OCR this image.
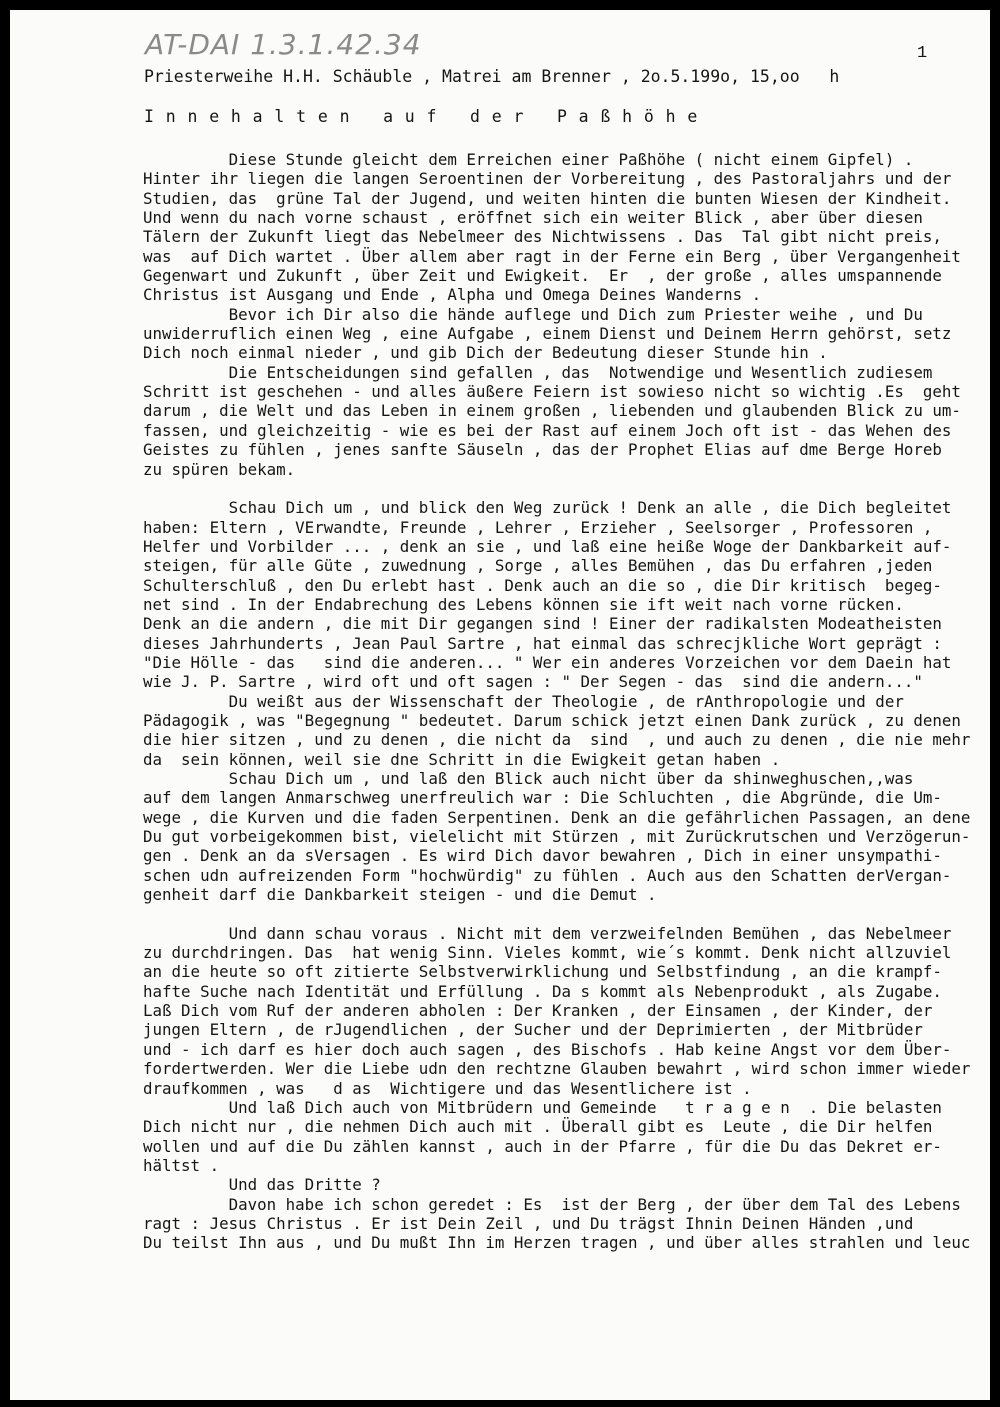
AT-DAI 1.3.1.42.34	1
Priesterweihe H.H. Schäuble , Matrei am Brenner , 2o.5.199o, 15,oo   h
Innehalten auf der Paßhöhe
Diese Stunde gleicht dem Erreichen einer Paßhöhe ( nicht einem Gipfel) .
Hinter ihr liegen die langen Seroentinen der Vorbereitung , des Pastoraljahrs und der
Studien, das  grüne Tal der Jugend, und weiten hinten die bunten Wiesen der Kindheit.
Und wenn du nach vorne schaust , eröffnet sich ein weiter Blick , aber über diesen
Tälern der Zukunft liegt das Nebelmeer des Nichtwissens . Das  Tal gibt nicht preis,
was  auf Dich wartet . Über allem aber ragt in der Ferne ein Berg , über Vergangenheit
Gegenwart und Zukunft , über Zeit und Ewigkeit.  Er  , der große , alles umspannende
Christus ist Ausgang und Ende , Alpha und Omega Deines Wanderns .
Bevor ich Dir also die hände auflege und Dich zum Priester weihe , und Du
unwiderruflich einen Weg , eine Aufgabe , einem Dienst und Deinem Herrn gehörst, setz
Dich noch einmal nieder , und gib Dich der Bedeutung dieser Stunde hin .
Die Entscheidungen sind gefallen , das  Notwendige und Wesentlich zudiesem
Schritt ist geschehen - und alles äußere Feiern ist sowieso nicht so wichtig .Es  geht
darum , die Welt und das Leben in einem großen , liebenden und glaubenden Blick zu um-
fassen, und gleichzeitig - wie es bei der Rast auf einem Joch oft ist - das Wehen des
Geistes zu fühlen , jenes sanfte Säuseln , das der Prophet Elias auf dme Berge Horeb
zu spüren bekam.
Schau Dich um , und blick den Weg zurück ! Denk an alle , die Dich begleitet
haben: Eltern , VErwandte, Freunde , Lehrer , Erzieher , Seelsorger , Professoren ,
Helfer und Vorbilder ... , denk an sie , und laß eine heiße Woge der Dankbarkeit auf-
steigen, für alle Güte , zuwednung , Sorge , alles Bemühen , das Du erfahren ,jeden
Schulterschluß , den Du erlebt hast . Denk auch an die so , die Dir kritisch  begeg-
net sind . In der Endabrechung des Lebens können sie ift weit nach vorne rücken.
Denk an die andern , die mit Dir gegangen sind ! Einer der radikalsten Modeatheisten
dieses Jahrhunderts , Jean Paul Sartre , hat einmal das schrecjkliche Wort geprägt :
"Die Hölle - das   sind die anderen... " Wer ein anderes Vorzeichen vor dem Daein hat
wie J. P. Sartre , wird oft und oft sagen : " Der Segen - das  sind die andern..."
Du weißt aus der Wissenschaft der Theologie , de rAnthropologie und der
Pädagogik , was "Begegnung " bedeutet. Darum schick jetzt einen Dank zurück , zu denen
die hier sitzen , und zu denen , die nicht da  sind  , und auch zu denen , die nie mehr
da  sein können, weil sie dne Schritt in die Ewigkeit getan haben .
Schau Dich um , und laß den Blick auch nicht über da shinweghuschen,,was
auf dem langen Anmarschweg unerfreulich war : Die Schluchten , die Abgründe, die Um-
wege , die Kurven und die faden Serpentinen. Denk an die gefährlichen Passagen, an dene
Du gut vorbeigekommen bist, vielelicht mit Stürzen , mit Zurückrutschen und Verzögerun-
gen . Denk an da sVersagen . Es wird Dich davor bewahren , Dich in einer unsympathi-
schen udn aufreizenden Form "hochwürdig" zu fühlen . Auch aus den Schatten derVergan-
genheit darf die Dankbarkeit steigen - und die Demut .
Und dann schau voraus . Nicht mit dem verzweifelnden Bemühen , das Nebelmeer
zu durchdringen. Das  hat wenig Sinn. Vieles kommt, wie´s kommt. Denk nicht allzuviel
an die heute so oft zitierte Selbstverwirklichung und Selbstfindung , an die krampf-
hafte Suche nach Identität und Erfüllung . Da s kommt als Nebenprodukt , als Zugabe.
Laß Dich vom Ruf der anderen abholen : Der Kranken , der Einsamen , der Kinder, der
jungen Eltern , de rJugendlichen , der Sucher und der Deprimierten , der Mitbrüder
und - ich darf es hier doch auch sagen , des Bischofs . Hab keine Angst vor dem Über-
fordertwerden. Wer die Liebe udn den rechtzne Glauben bewahrt , wird schon immer wieder
draufkommen , was   d as  Wichtigere und das Wesentlichere ist .
Und laß Dich auch von Mitbrüdern und Gemeinde   t r a g e n  . Die belasten
Dich nicht nur , die nehmen Dich auch mit . Überall gibt es  Leute , die Dir helfen
wollen und auf die Du zählen kannst , auch in der Pfarre , für die Du das Dekret er-
hältst .
Und das Dritte ?
Davon habe ich schon geredet : Es  ist der Berg , der über dem Tal des Lebens
ragt : Jesus Christus . Er ist Dein Zeil , und Du trägst Ihnin Deinen Händen ,und
Du teilst Ihn aus , und Du mußt Ihn im Herzen tragen , und über alles strahlen und leuc
